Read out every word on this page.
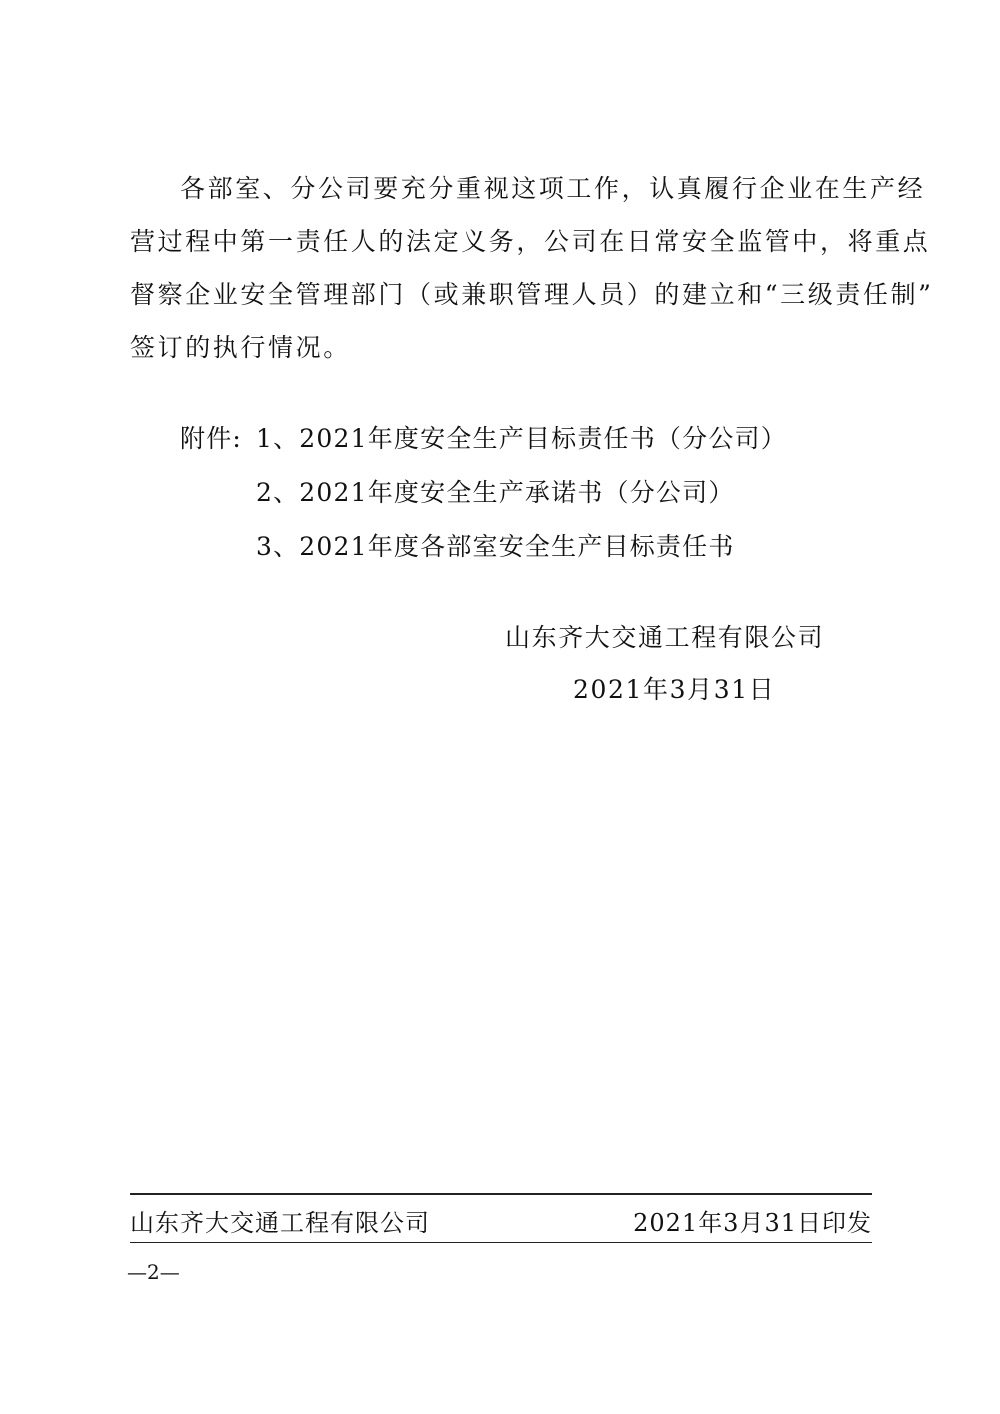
各部室、分公司要充分重视这项工作，认真履行企业在生产经
营过程中第一责任人的法定义务，公司在日常安全监管中，将重点
督察企业安全管理部门（或兼职管理人员）的建立和“三级责任制”
签订的执行情况。
附件: 1、2021年度安全生产目标责任书（分公司）
2、2021年度安全生产承诺书（分公司）
3、2021年度各部室安全生产目标责任书
山东齐大交通工程有限公司
2021年3月31日
山东齐大交通工程有限公司	2021年3月31日印发
—2—
